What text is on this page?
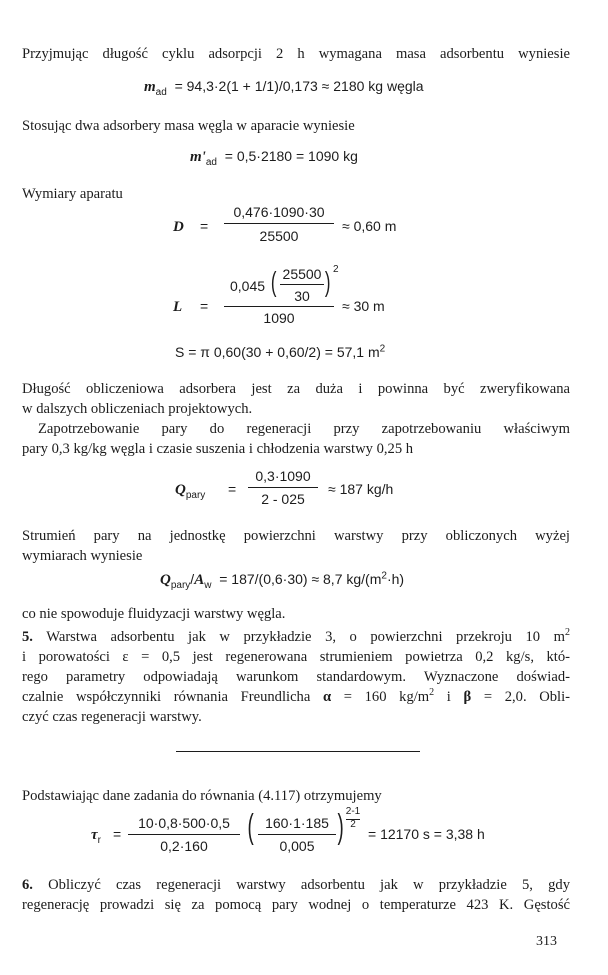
Przyjmując długość cyklu adsorpcji 2 h wymagana masa adsorbentu wyniesie
$m_{ad} = 94,3\cdot 2(1 + 1/1)/0,173 \approx 2180$ kg węgla
Stosując dwa adsorbery masa węgla w aparacie wyniesie
$m'_{ad} = 0,5\cdot 2180 = 1090$ kg
Wymiary aparatu
D =
0,476·1090·30
25500
≈ 0,60 m
L =
0,045 ( 25500
30 ) 2
1090
≈ 30 m
S = π 0,60(30 + 0,60/2) = 57,1 $m^2$
Długość obliczeniowa adsorbera jest za duża i powinna być zweryfikowana
w dalszych obliczeniach projektowych.
Zapotrzebowanie pary do regeneracji przy zapotrzebowaniu właściwym
pary 0,3 kg/kg węgla i czasie suszenia i chłodzenia warstwy 0,25 h
$Q_{pary}$ =
0,3·1090
2 - 025
≈ 187 kg/h
Strumień pary na jednostkę powierzchni warstwy przy obliczonych wyżej
wymiarach wyniesie
$Q_{pary}/A_w = 187/(0,6\cdot 30) \approx 8,7$ $kg/(m^2\cdot h)$
co nie spowoduje fluidyzacji warstwy węgla.
5. Warstwa adsorbentu jak w przykładzie 3, o powierzchni przekroju 10 $m^2$
i porowatości ε = 0,5 jest regenerowana strumieniem powietrza 0,2 kg/s, któ-
rego parametry odpowiadają warunkom standardowym. Wyznaczone doświad-
czalnie współczynniki równania Freundlicha α = 160 $kg/m^2$ i β = 2,0. Obli-
czyć czas regeneracji warstwy.
Podstawiając dane zadania do równania (4.117) otrzymujemy
$\tau_r$ =
10·0,8·500·0,5
0,2·160	( 160·1·185
0,005 ) 2-1
2
= 12170 s = 3,38 h
6. Obliczyć czas regeneracji warstwy adsorbentu jak w przykładzie 5, gdy
regenerację prowadzi się za pomocą pary wodnej o temperaturze 423 K. Gęstość
313
